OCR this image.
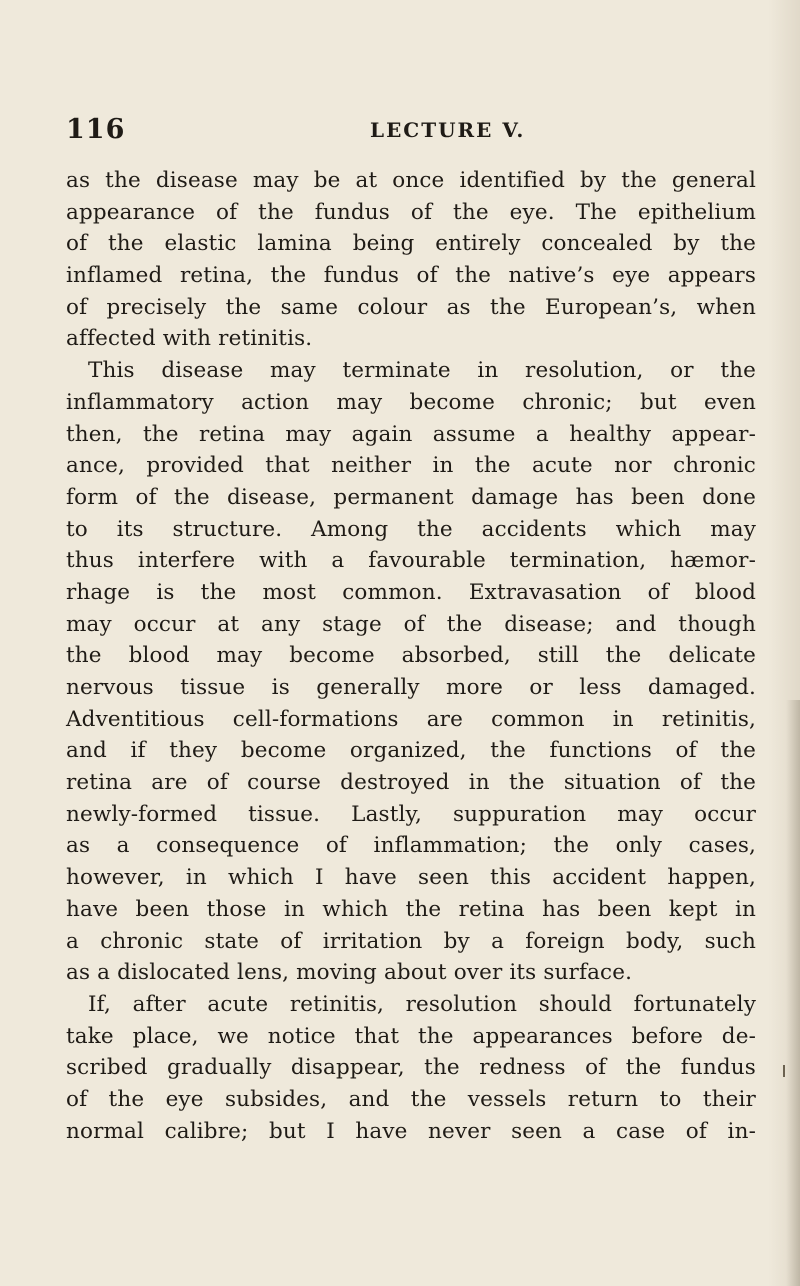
116	LECTURE V.
as the disease may be at once identified by the general
appearance of the fundus of the eye. The epithelium
of the elastic lamina being entirely concealed by the
inflamed retina, the fundus of the native’s eye appears
of precisely the same colour as the European’s, when
affected with retinitis.
This disease may terminate in resolution, or the
inflammatory action may become chronic; but even
then, the retina may again assume a healthy appear-
ance, provided that neither in the acute nor chronic
form of the disease, permanent damage has been done
to its structure. Among the accidents which may
thus interfere with a favourable termination, hæmor-
rhage is the most common. Extravasation of blood
may occur at any stage of the disease; and though
the blood may become absorbed, still the delicate
nervous tissue is generally more or less damaged.
Adventitious cell-formations are common in retinitis,
and if they become organized, the functions of the
retina are of course destroyed in the situation of the
newly-formed tissue. Lastly, suppuration may occur
as a consequence of inflammation; the only cases,
however, in which I have seen this accident happen,
have been those in which the retina has been kept in
a chronic state of irritation by a foreign body, such
as a dislocated lens, moving about over its surface.
If, after acute retinitis, resolution should fortunately
take place, we notice that the appearances before de-
scribed gradually disappear, the redness of the fundus
of the eye subsides, and the vessels return to their
normal calibre; but I have never seen a case of in-
